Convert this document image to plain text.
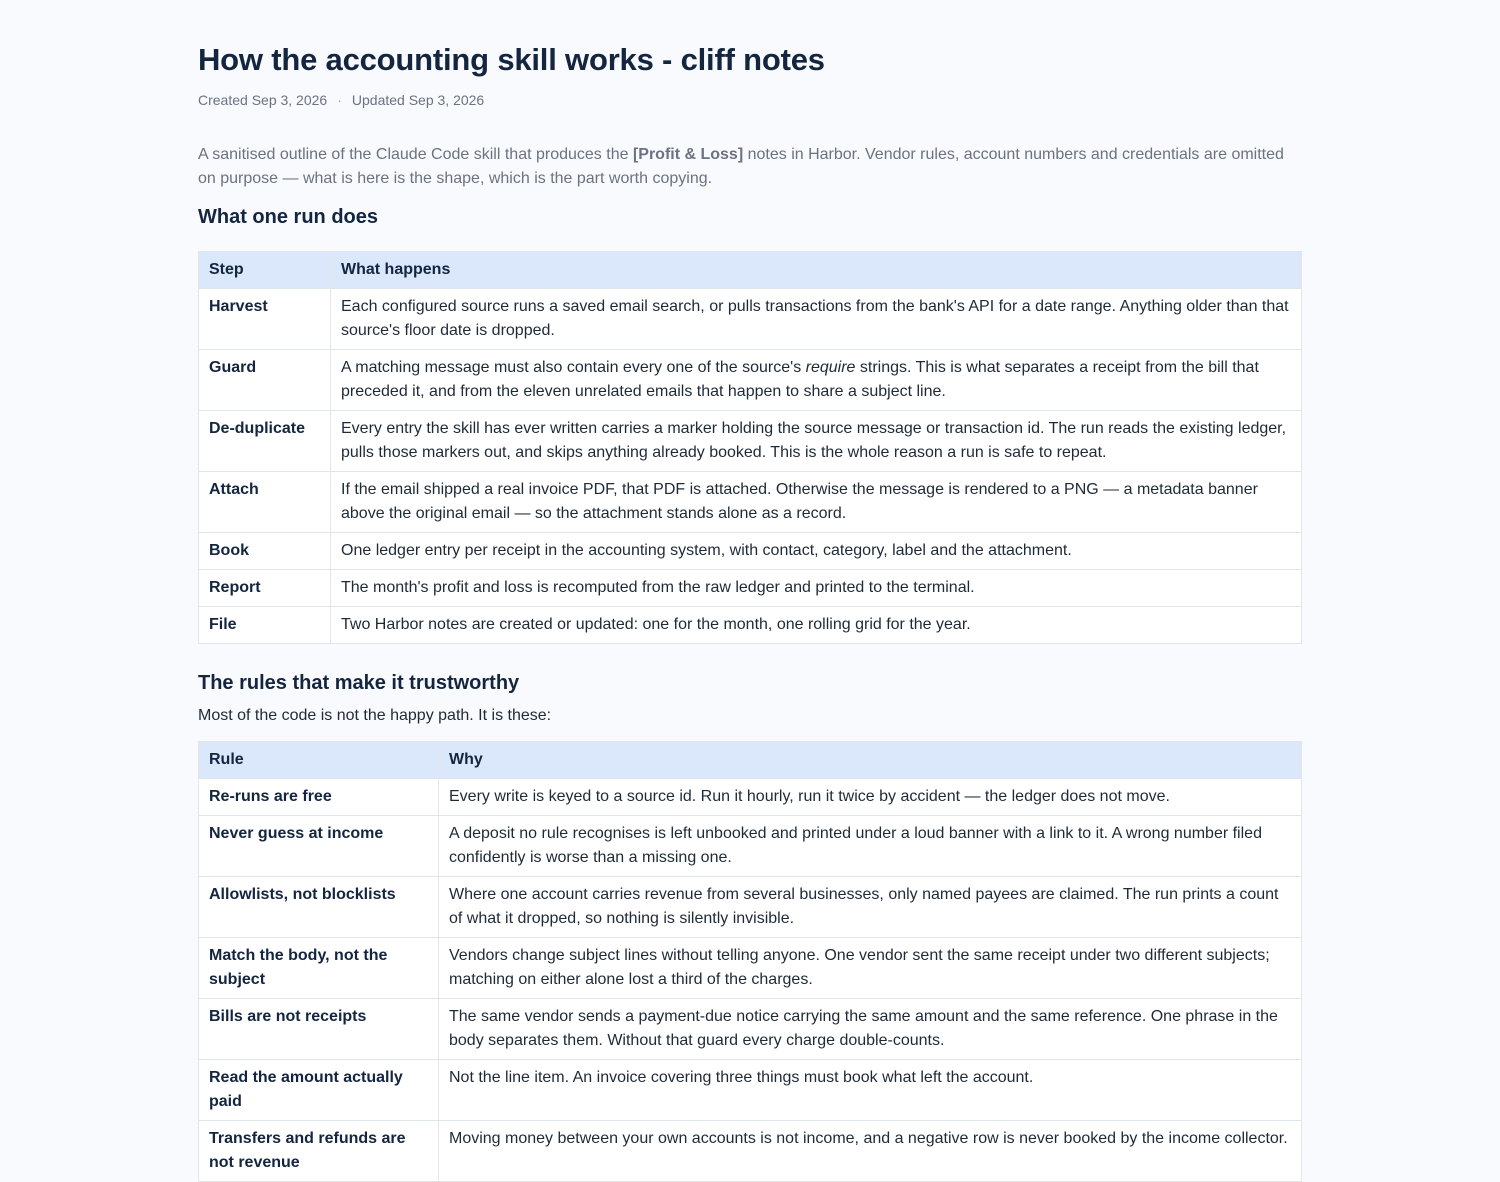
How the accounting skill works - cliff notes
Created Sep 3, 2026 · Updated Sep 3, 2026

A sanitised outline of the Claude Code skill that produces the [Profit & Loss] notes in Harbor. Vendor rules, account numbers and credentials are omitted on purpose — what is here is the shape, which is the part worth copying.

What one run does
Step	What happens
Harvest	Each configured source runs a saved email search, or pulls transactions from the bank's API for a date range. Anything older than that source's floor date is dropped.
Guard	A matching message must also contain every one of the source's require strings. This is what separates a receipt from the bill that preceded it, and from the eleven unrelated emails that happen to share a subject line.
De-duplicate	Every entry the skill has ever written carries a marker holding the source message or transaction id. The run reads the existing ledger, pulls those markers out, and skips anything already booked. This is the whole reason a run is safe to repeat.
Attach	If the email shipped a real invoice PDF, that PDF is attached. Otherwise the message is rendered to a PNG — a metadata banner above the original email — so the attachment stands alone as a record.
Book	One ledger entry per receipt in the accounting system, with contact, category, label and the attachment.
Report	The month's profit and loss is recomputed from the raw ledger and printed to the terminal.
File	Two Harbor notes are created or updated: one for the month, one rolling grid for the year.
The rules that make it trustworthy
Most of the code is not the happy path. It is these:
Rule	Why
Re-runs are free	Every write is keyed to a source id. Run it hourly, run it twice by accident — the ledger does not move.
Never guess at income	A deposit no rule recognises is left unbooked and printed under a loud banner with a link to it. A wrong number filed confidently is worse than a missing one.
Allowlists, not blocklists	Where one account carries revenue from several businesses, only named payees are claimed. The run prints a count of what it dropped, so nothing is silently invisible.
Match the body, not the subject	Vendors change subject lines without telling anyone. One vendor sent the same receipt under two different subjects; matching on either alone lost a third of the charges.
Bills are not receipts	The same vendor sends a payment-due notice carrying the same amount and the same reference. One phrase in the body separates them. Without that guard every charge double-counts.
Read the amount actually paid	Not the line item. An invoice covering three things must book what left the account.
Transfers and refunds are not revenue	Moving money between your own accounts is not income, and a negative row is never booked by the income collector.
